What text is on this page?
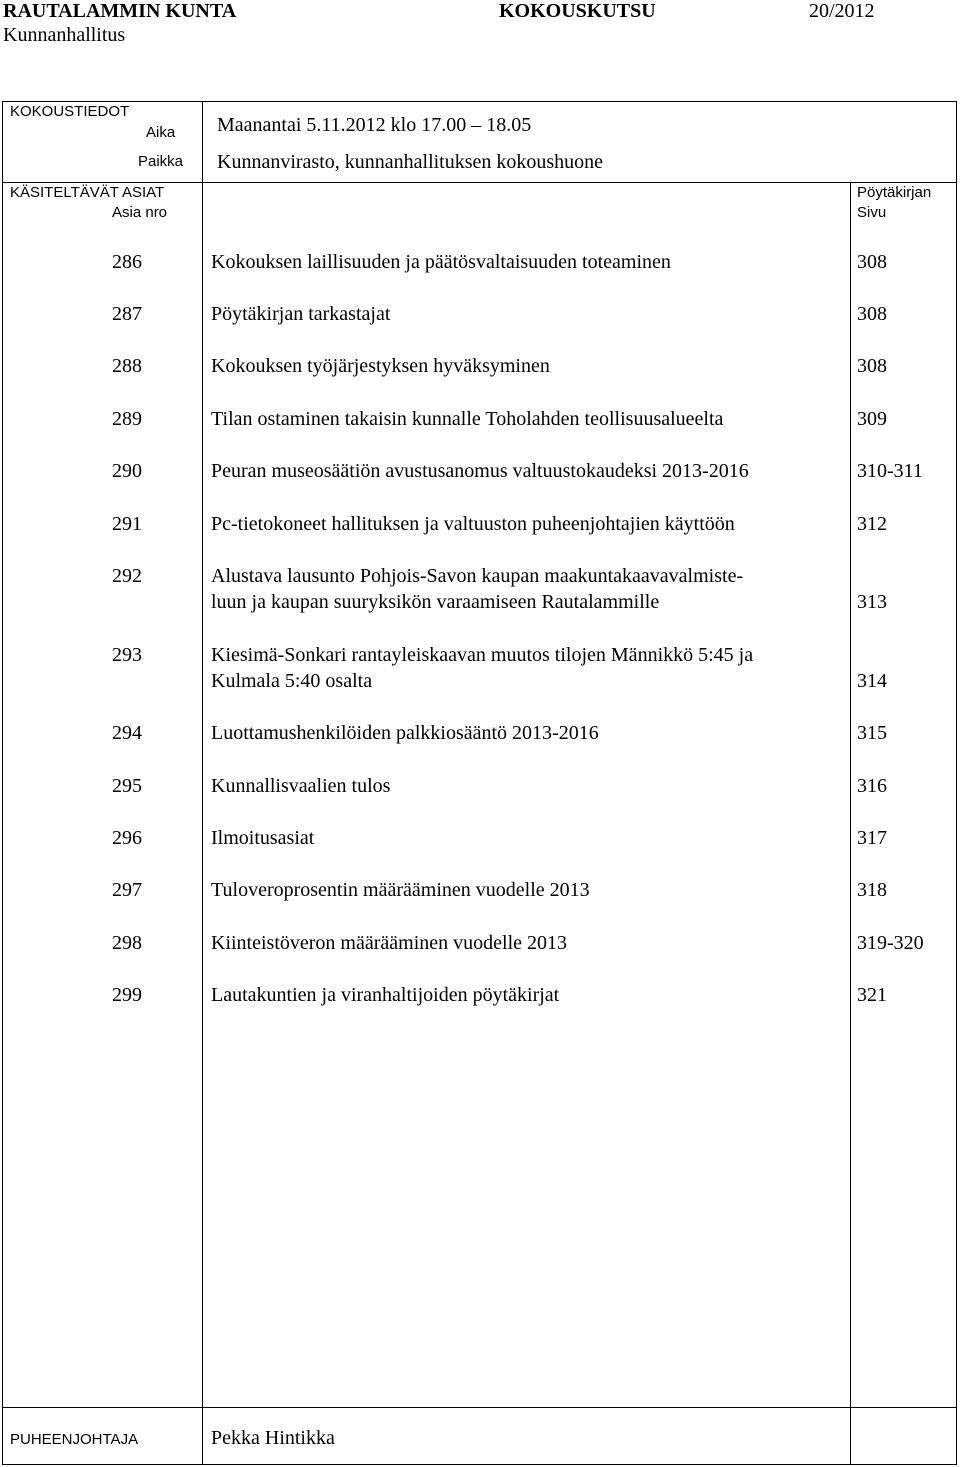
RAUTALAMMIN KUNTA	KOKOUSKUTSU	20/2012
Kunnanhallitus
KOKOUSTIEDOT
Aika Maanantai 5.11.2012 klo 17.00 – 18.05
Paikka Kunnanvirasto, kunnanhallituksen kokoushuone
KÄSITELTÄVÄT ASIAT
Asia nro
Pöytäkirjan
Sivu
286	Kokouksen laillisuuden ja päätösvaltaisuuden toteaminen	308
287	Pöytäkirjan tarkastajat	308
288	Kokouksen työjärjestyksen hyväksyminen	308
289	Tilan ostaminen takaisin kunnalle Toholahden teollisuusalueelta	309
290	Peuran museosäätiön avustusanomus valtuustokaudeksi 2013-2016	310-311
291	Pc-tietokoneet hallituksen ja valtuuston puheenjohtajien käyttöön	312
292	Alustava lausunto Pohjois-Savon kaupan maakuntakaavavalmiste-
luun ja kaupan suuryksikön varaamiseen Rautalammille	313
293	Kiesimä-Sonkari rantayleiskaavan muutos tilojen Männikkö 5:45 ja
Kulmala 5:40 osalta	314
294	Luottamushenkilöiden palkkiosääntö 2013-2016	315
295	Kunnallisvaalien tulos	316
296	Ilmoitusasiat	317
297	Tuloveroprosentin määrääminen vuodelle 2013	318
298	Kiinteistöveron määrääminen vuodelle 2013	319-320
299	Lautakuntien ja viranhaltijoiden pöytäkirjat	321
PUHEENJOHTAJA	Pekka Hintikka
